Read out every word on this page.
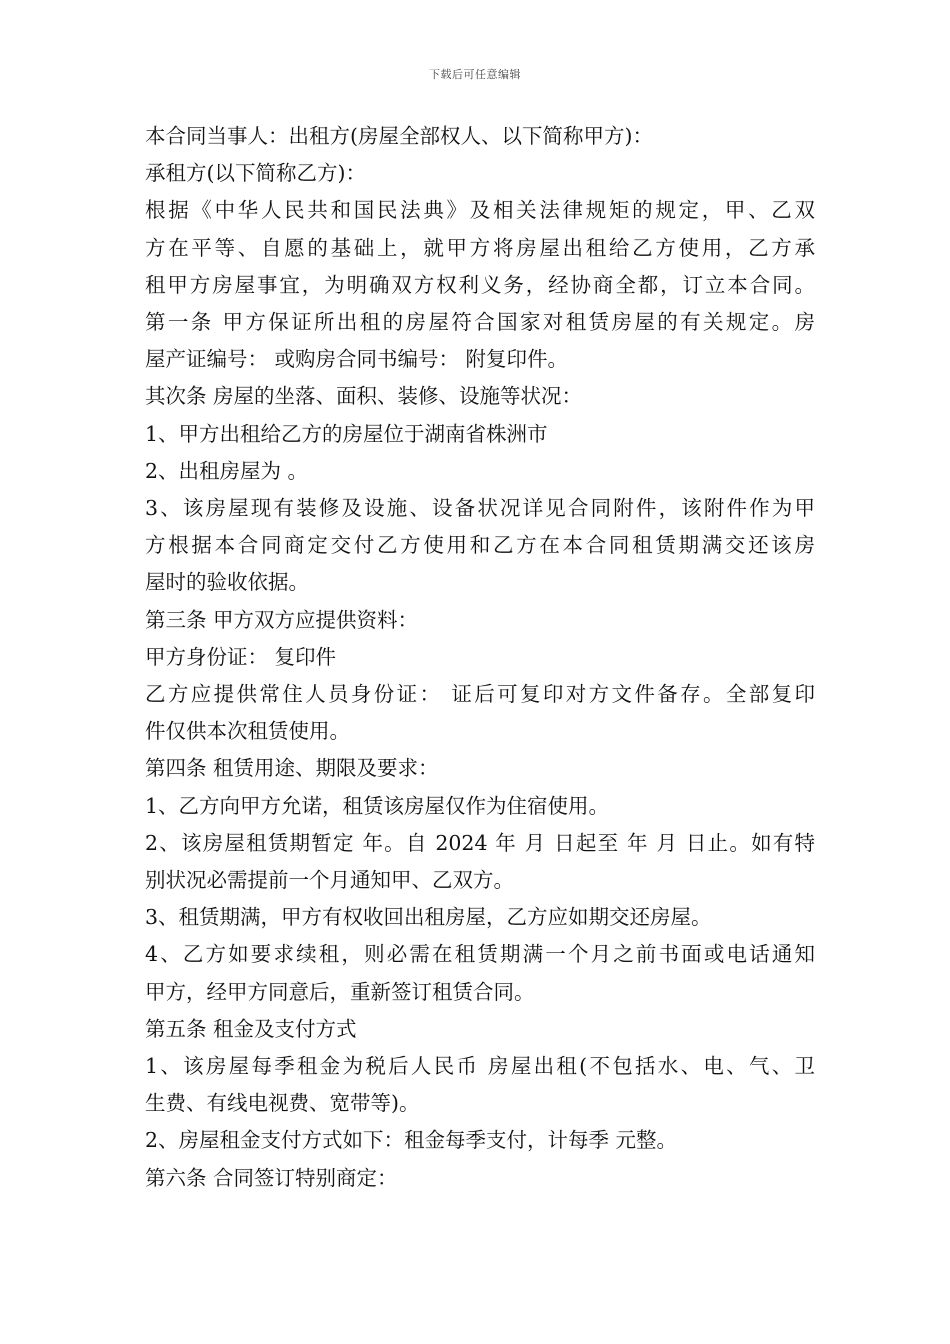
下载后可任意编辑

本合同当事人：出租方(房屋全部权人、以下简称甲方)：

承租方(以下简称乙方)：

根据《中华人民共和国民法典》及相关法律规矩的规定，甲、乙双

方在平等、自愿的基础上，就甲方将房屋出租给乙方使用，乙方承

租甲方房屋事宜，为明确双方权利义务，经协商全都，订立本合同。

第一条 甲方保证所出租的房屋符合国家对租赁房屋的有关规定。房

屋产证编号： 或购房合同书编号： 附复印件。

其次条 房屋的坐落、面积、装修、设施等状况：

1、甲方出租给乙方的房屋位于湖南省株洲市

2、出租房屋为 。

3、该房屋现有装修及设施、设备状况详见合同附件，该附件作为甲

方根据本合同商定交付乙方使用和乙方在本合同租赁期满交还该房

屋时的验收依据。

第三条 甲方双方应提供资料：

甲方身份证： 复印件

乙方应提供常住人员身份证： 证后可复印对方文件备存。全部复印

件仅供本次租赁使用。

第四条 租赁用途、期限及要求：

1、乙方向甲方允诺，租赁该房屋仅作为住宿使用。

2、该房屋租赁期暂定 年。自 2024 年 月 日起至 年 月 日止。如有特

别状况必需提前一个月通知甲、乙双方。

3、租赁期满，甲方有权收回出租房屋，乙方应如期交还房屋。

4、乙方如要求续租，则必需在租赁期满一个月之前书面或电话通知

甲方，经甲方同意后，重新签订租赁合同。

第五条 租金及支付方式

1、该房屋每季租金为税后人民币 房屋出租(不包括水、电、气、卫

生费、有线电视费、宽带等)。

2、房屋租金支付方式如下：租金每季支付，计每季 元整。

第六条 合同签订特别商定：
